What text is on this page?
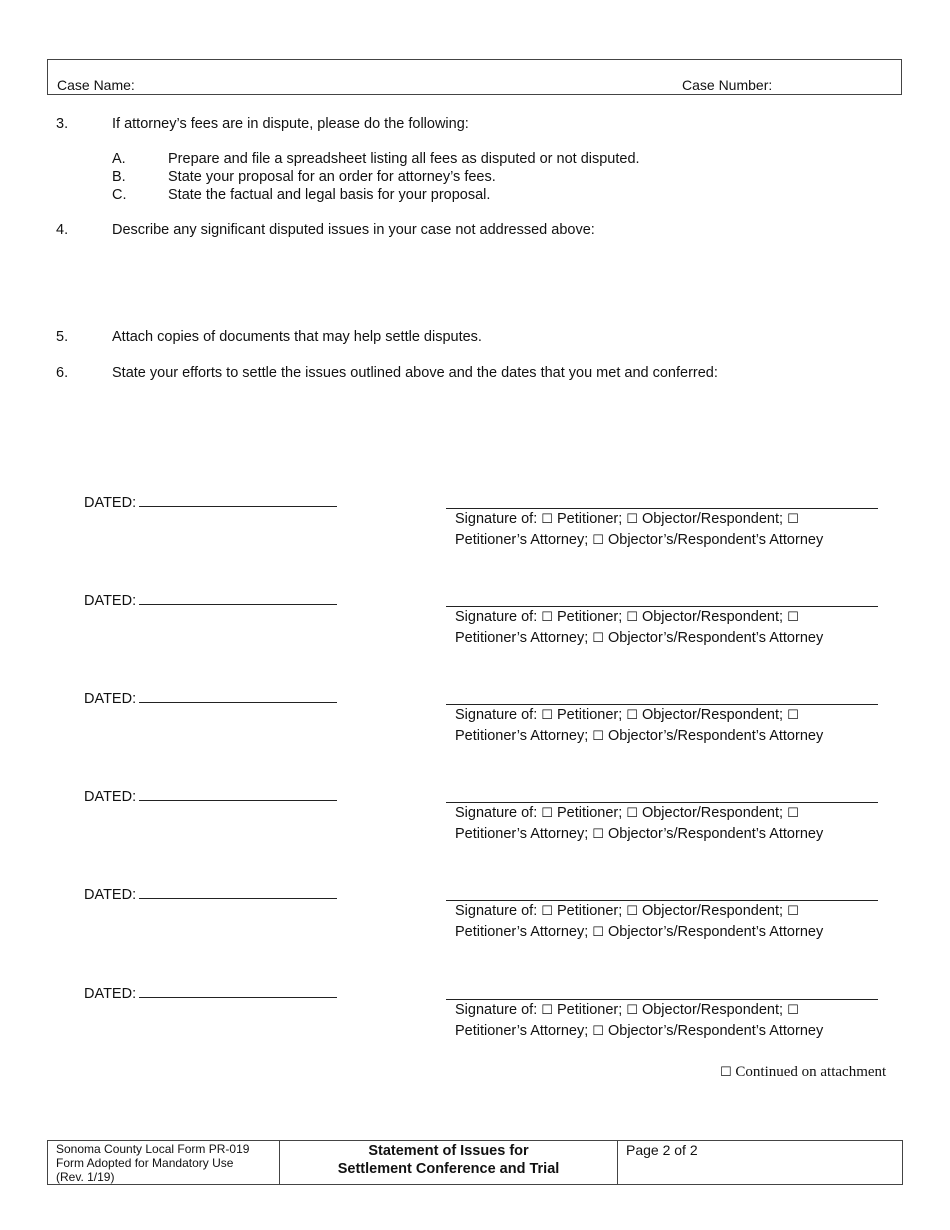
Case Name:	Case Number:
3.	If attorney’s fees are in dispute, please do the following:
A.	Prepare and file a spreadsheet listing all fees as disputed or not disputed.
B.	State your proposal for an order for attorney’s fees.
C.	State the factual and legal basis for your proposal.
4.	Describe any significant disputed issues in your case not addressed above:
5.	Attach copies of documents that may help settle disputes.
6.	State your efforts to settle the issues outlined above and the dates that you met and conferred:
DATED:
Signature of: ☐ Petitioner; ☐ Objector/Respondent; ☐
Petitioner’s Attorney; ☐ Objector’s/Respondent’s Attorney
DATED:
Signature of: ☐ Petitioner; ☐ Objector/Respondent; ☐
Petitioner’s Attorney; ☐ Objector’s/Respondent’s Attorney
DATED:
Signature of: ☐ Petitioner; ☐ Objector/Respondent; ☐
Petitioner’s Attorney; ☐ Objector’s/Respondent’s Attorney
DATED:
Signature of: ☐ Petitioner; ☐ Objector/Respondent; ☐
Petitioner’s Attorney; ☐ Objector’s/Respondent’s Attorney
DATED:
Signature of: ☐ Petitioner; ☐ Objector/Respondent; ☐
Petitioner’s Attorney; ☐ Objector’s/Respondent’s Attorney
DATED:
Signature of: ☐ Petitioner; ☐ Objector/Respondent; ☐
Petitioner’s Attorney; ☐ Objector’s/Respondent’s Attorney
☐ Continued on attachment
Sonoma County Local Form PR-019
Form Adopted for Mandatory Use
(Rev. 1/19)
Statement of Issues for
Settlement Conference and Trial
Page 2 of 2
